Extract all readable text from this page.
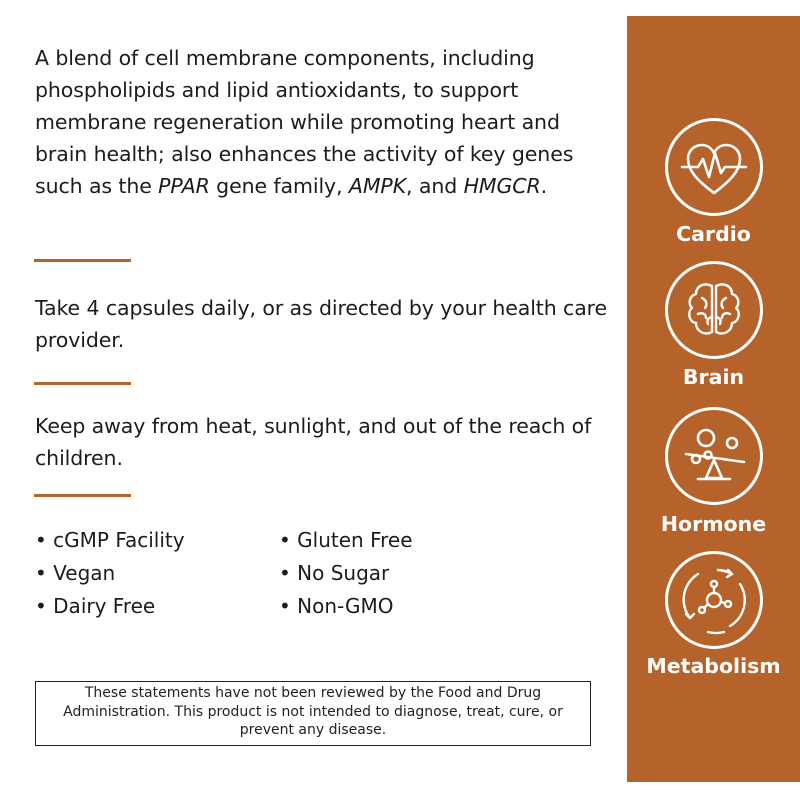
A blend of cell membrane components, including phospholipids and lipid antioxidants, to support membrane regeneration while promoting heart and brain health; also enhances the activity of key genes such as the PPAR gene family, AMPK, and HMGCR.

Take 4 capsules daily, or as directed by your health care provider.

Keep away from heat, sunlight, and out of the reach of children.

• cGMP Facility
• Vegan
• Dairy Free
• Gluten Free
• No Sugar
• Non-GMO
These statements have not been reviewed by the Food and Drug Administration. This product is not intended to diagnose, treat, cure, or prevent any disease.
Cardio
Brain
Hormone
Metabolism
